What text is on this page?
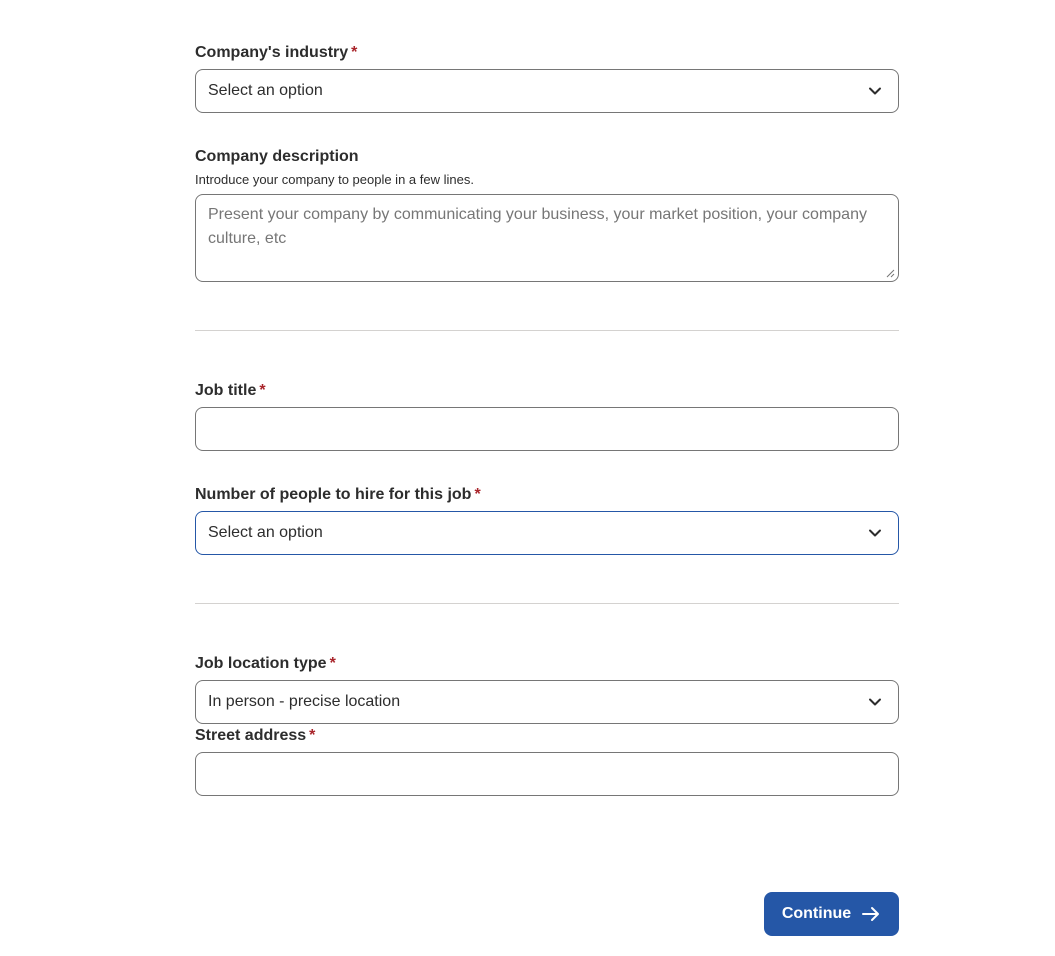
Company's industry *
Select an option
Company description
Introduce your company to people in a few lines.
Present your company by communicating your business, your market position, your company culture, etc
Job title *
Number of people to hire for this job *
Select an option
Job location type *
In person - precise location
Street address *
Continue
